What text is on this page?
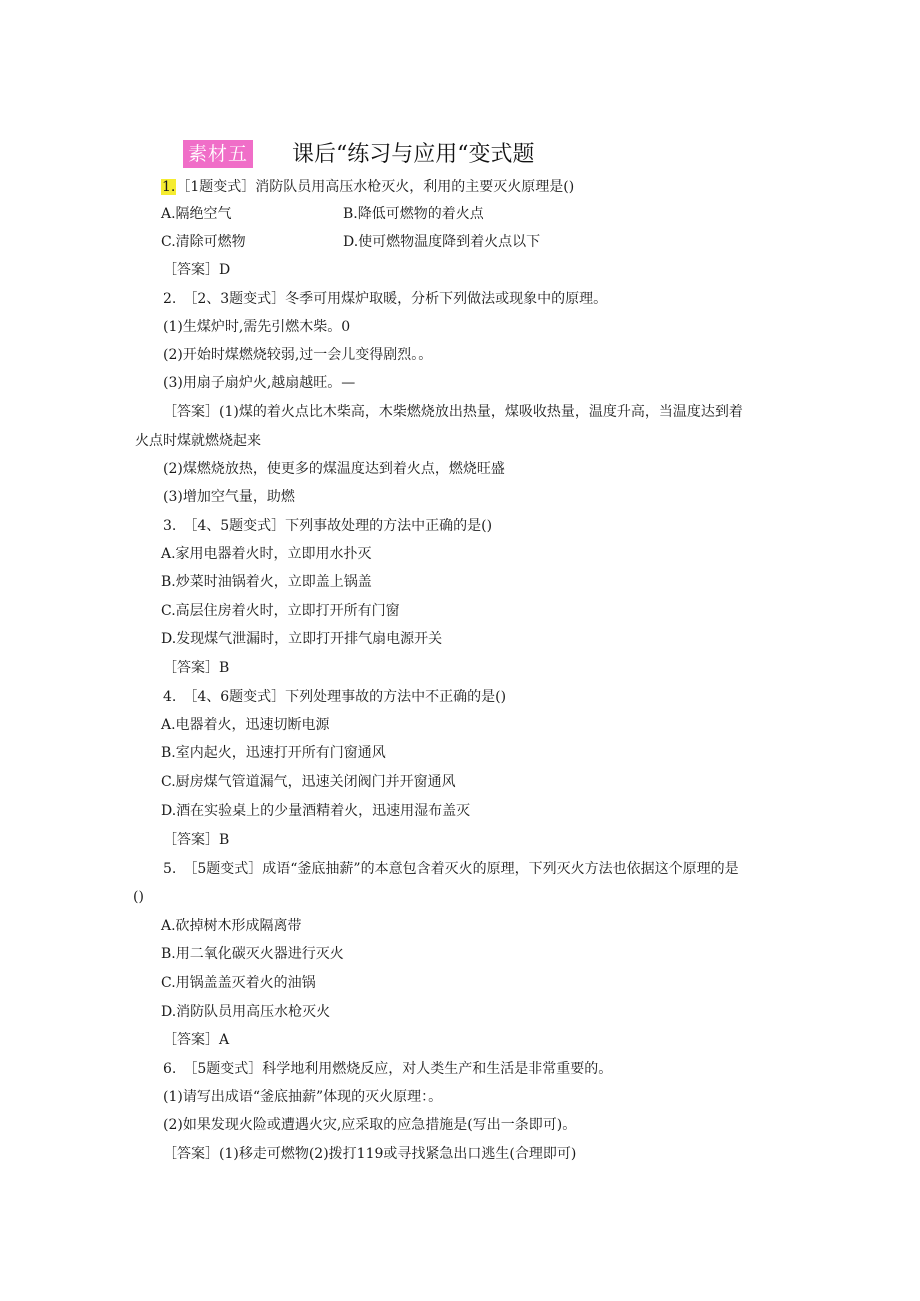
素材五 课后“练习与应用“变式题
1.［1题变式］消防队员用高压水枪灭火，利用的主要灭火原理是()
A.隔绝空气	B.降低可燃物的着火点
C.清除可燃物	D.使可燃物温度降到着火点以下
［答案］D
2.　［2、3题变式］冬季可用煤炉取暖，分析下列做法或现象中的原理。
(1)生煤炉时,需先引燃木柴。0
(2)开始时煤燃烧较弱,过一会儿变得剧烈。。
(3)用扇子扇炉火,越扇越旺。—
［答案］(1)煤的着火点比木柴高，木柴燃烧放出热量，煤吸收热量，温度升高，当温度达到着
火点时煤就燃烧起来
(2)煤燃烧放热，使更多的煤温度达到着火点，燃烧旺盛
(3)增加空气量，助燃
3.　［4、5题变式］下列事故处理的方法中正确的是()
A.家用电器着火时，立即用水扑灭
B.炒菜时油锅着火，立即盖上锅盖
C.高层住房着火时，立即打开所有门窗
D.发现煤气泄漏时，立即打开排气扇电源开关
［答案］B
4.　［4、6题变式］下列处理事故的方法中不正确的是()
A.电器着火，迅速切断电源
B.室内起火，迅速打开所有门窗通风
C.厨房煤气管道漏气，迅速关闭阀门并开窗通风
D.酒在实验桌上的少量酒精着火，迅速用湿布盖灭
［答案］B
5.　［5题变式］成语“釜底抽薪”的本意包含着灭火的原理，下列灭火方法也依据这个原理的是
()
A.砍掉树木形成隔离带
B.用二氧化碳灭火器进行灭火
C.用锅盖盖灭着火的油锅
D.消防队员用高压水枪灭火
［答案］A
6.　［5题变式］科学地利用燃烧反应，对人类生产和生活是非常重要的。
(1)请写出成语“釜底抽薪”体现的灭火原理：。
(2)如果发现火险或遭遇火灾,应采取的应急措施是(写出一条即可)。
［答案］(1)移走可燃物(2)拨打119或寻找紧急出口逃生(合理即可)
